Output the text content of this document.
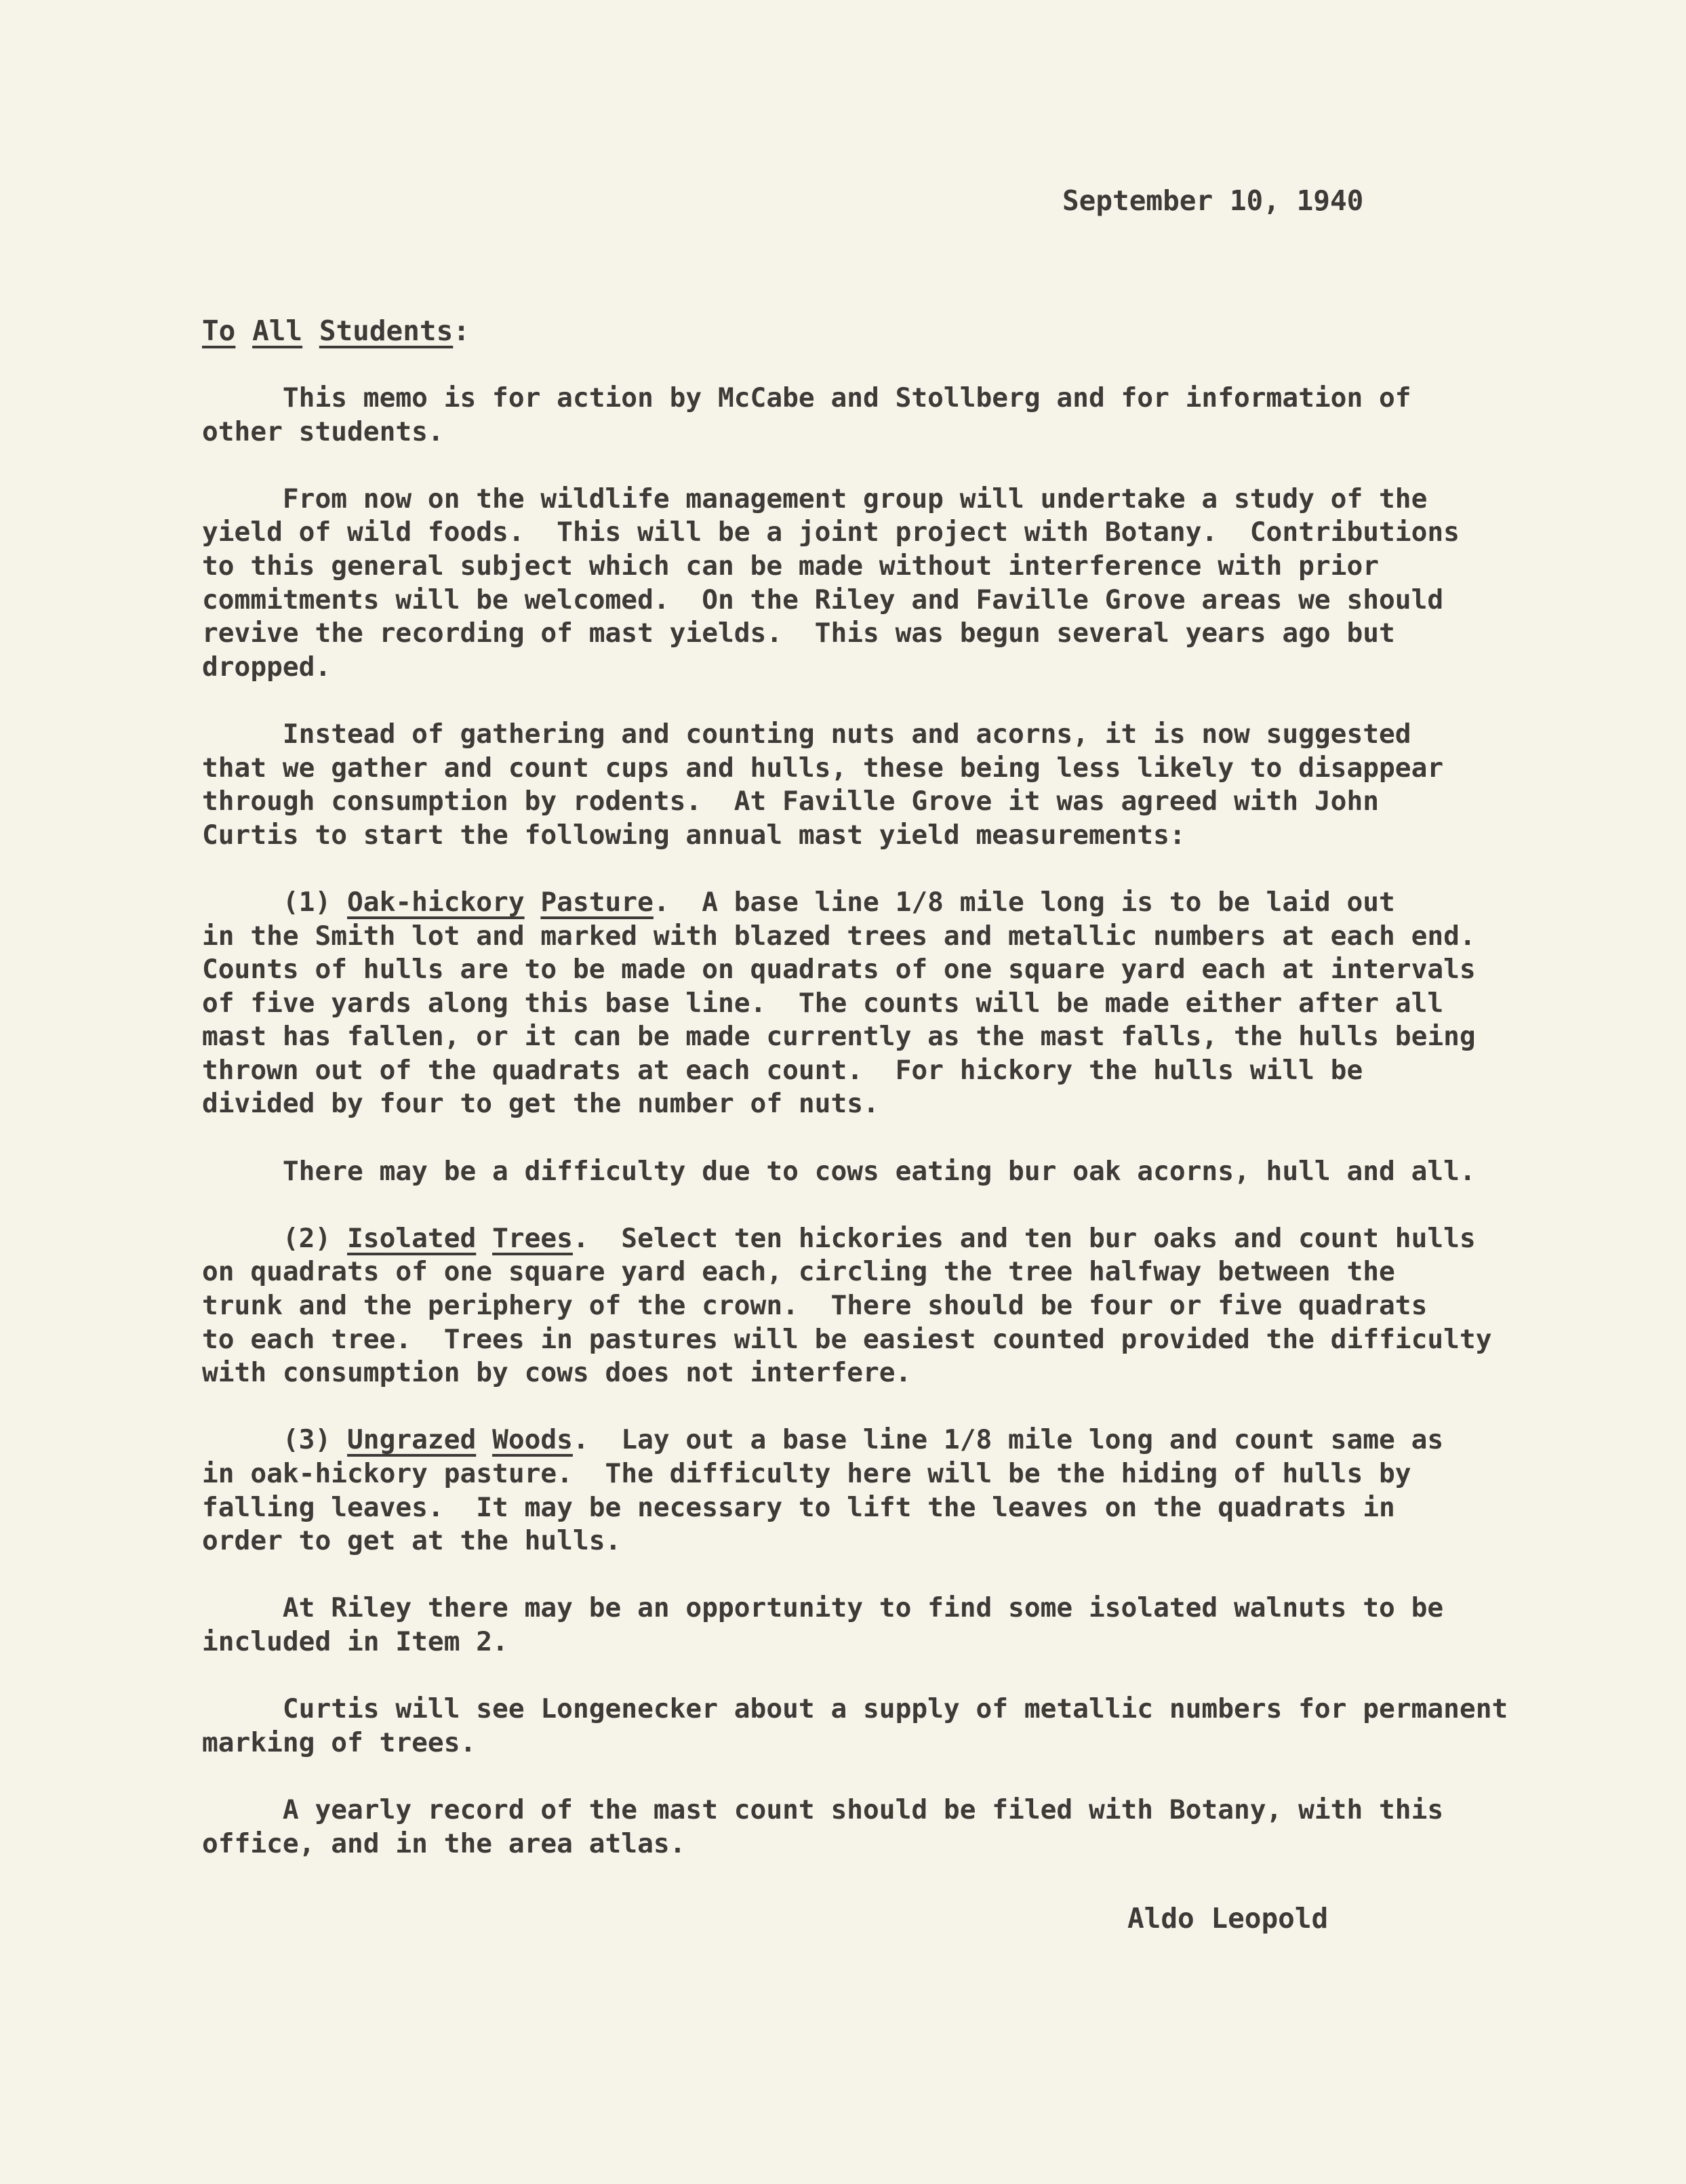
September 10, 1940
To All Students:
This memo is for action by McCabe and Stollberg and for information of
other students.
From now on the wildlife management group will undertake a study of the
yield of wild foods.  This will be a joint project with Botany.  Contributions
to this general subject which can be made without interference with prior
commitments will be welcomed.  On the Riley and Faville Grove areas we should
revive the recording of mast yields.  This was begun several years ago but
dropped.
Instead of gathering and counting nuts and acorns, it is now suggested
that we gather and count cups and hulls, these being less likely to disappear
through consumption by rodents.  At Faville Grove it was agreed with John
Curtis to start the following annual mast yield measurements:
(1) Oak-hickory Pasture.  A base line 1/8 mile long is to be laid out
in the Smith lot and marked with blazed trees and metallic numbers at each end.
Counts of hulls are to be made on quadrats of one square yard each at intervals
of five yards along this base line.  The counts will be made either after all
mast has fallen, or it can be made currently as the mast falls, the hulls being
thrown out of the quadrats at each count.  For hickory the hulls will be
divided by four to get the number of nuts.
There may be a difficulty due to cows eating bur oak acorns, hull and all.
(2) Isolated Trees.  Select ten hickories and ten bur oaks and count hulls
on quadrats of one square yard each, circling the tree halfway between the
trunk and the periphery of the crown.  There should be four or five quadrats
to each tree.  Trees in pastures will be easiest counted provided the difficulty
with consumption by cows does not interfere.
(3) Ungrazed Woods.  Lay out a base line 1/8 mile long and count same as
in oak-hickory pasture.  The difficulty here will be the hiding of hulls by
falling leaves.  It may be necessary to lift the leaves on the quadrats in
order to get at the hulls.
At Riley there may be an opportunity to find some isolated walnuts to be
included in Item 2.
Curtis will see Longenecker about a supply of metallic numbers for permanent
marking of trees.
A yearly record of the mast count should be filed with Botany, with this
office, and in the area atlas.
Aldo Leopold
